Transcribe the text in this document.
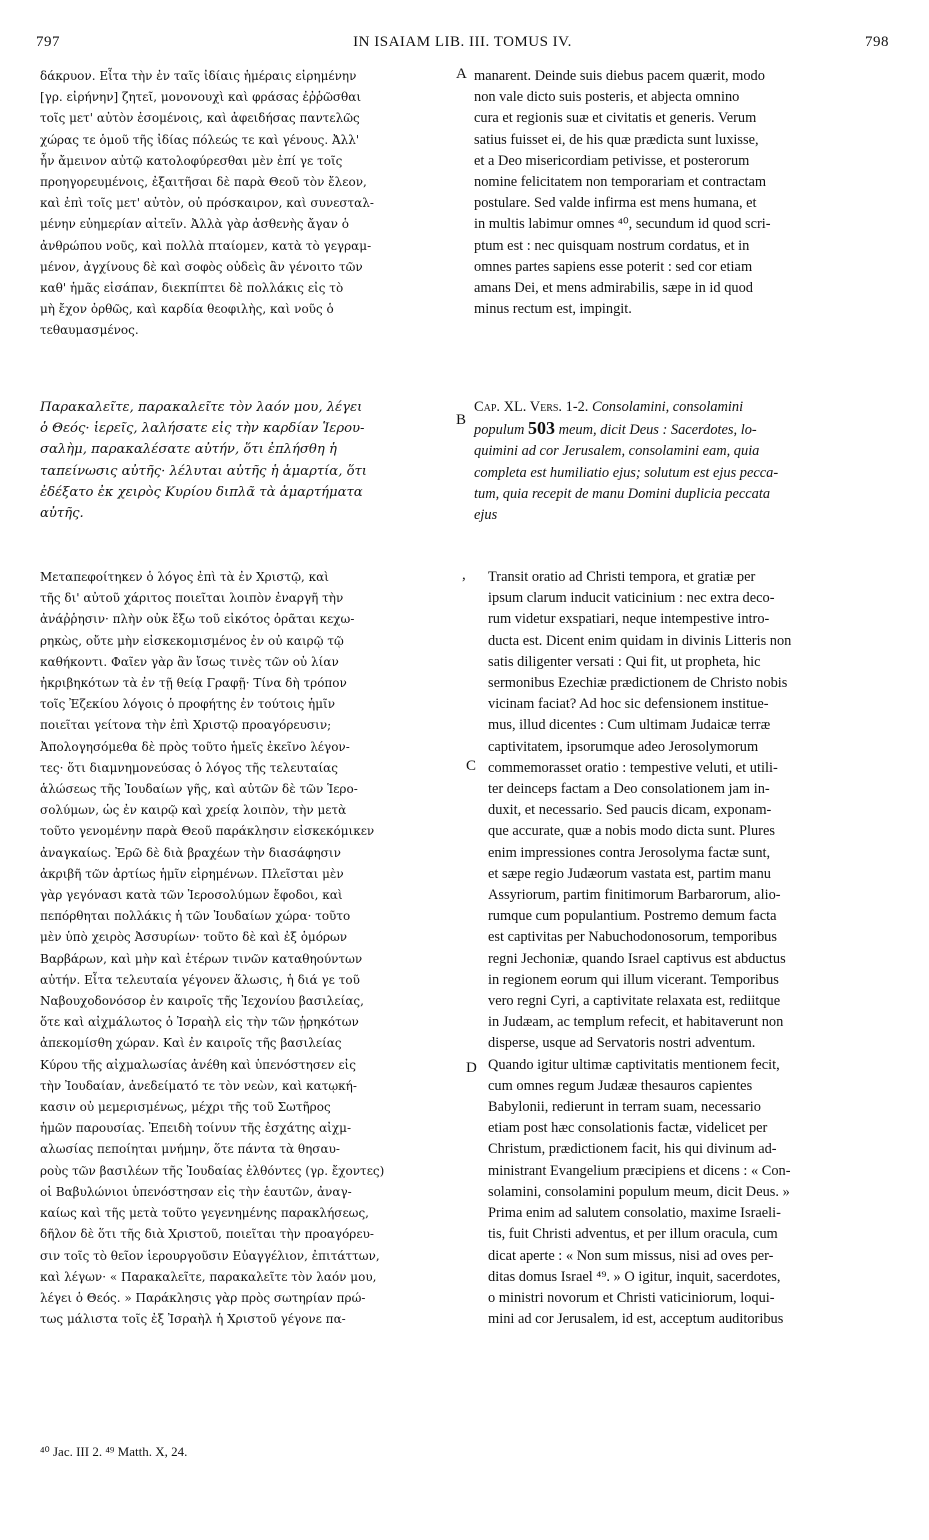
797	IN ISAIAM LIB. III. TOMUS IV.	798
δάκρυον. Εἶτα τὴν ἐν ταῖς ἰδίαις ἡμέραις εἰρημένην
[γρ. εἰρήνην] ζητεῖ, μονονουχὶ καὶ φράσας ἐῤῥῶσθαι
τοῖς μετ' αὐτὸν ἐσομένοις, καὶ ἀφειδήσας παντελῶς
χώρας τε ὁμοῦ τῆς ἰδίας πόλεώς τε καὶ γένους. Ἀλλ'
ἦν ἄμεινον αὐτῷ κατολοφύρεσθαι μὲν ἐπί γε τοῖς
προηγορευμένοις, ἐξαιτῆσαι δὲ παρὰ Θεοῦ τὸν ἔλεον,
καὶ ἐπὶ τοῖς μετ' αὐτὸν, οὐ πρόσκαιρον, καὶ συνεσταλ-
μένην εὐημερίαν αἰτεῖν. Ἀλλὰ γὰρ ἀσθενὴς ἄγαν ὁ
ἀνθρώπου νοῦς, καὶ πολλὰ πταίομεν, κατὰ τὸ γεγραμ-
μένον, ἀγχίνους δὲ καὶ σοφὸς οὐδεὶς ἂν γένοιτο τῶν
καθ' ἡμᾶς εἰσάπαν, διεκπίπτει δὲ πολλάκις εἰς τὸ
μὴ ἔχον ὀρθῶς, καὶ καρδία θεοφιλὴς, καὶ νοῦς ὁ
τεθαυμασμένος.
manarent. Deinde suis diebus pacem quærit, modo
non vale dicto suis posteris, et abjecta omnino
cura et regionis suæ et civitatis et generis. Verum
satius fuisset ei, de his quæ prædicta sunt luxisse,
et a Deo misericordiam petivisse, et posterorum
nomine felicitatem non temporariam et contractam
postulare. Sed valde infirma est mens humana, et
in multis labimur omnes ⁴⁰, secundum id quod scri-
ptum est : nec quisquam nostrum cordatus, et in
omnes partes sapiens esse poterit : sed cor etiam
amans Dei, et mens admirabilis, sæpe in id quod
minus rectum est, impingit.
Παρακαλεῖτε, παρακαλεῖτε τὸν λαόν μου, λέγει
ὁ Θεός· ἱερεῖς, λαλήσατε εἰς τὴν καρδίαν Ἱερου-
σαλὴμ, παρακαλέσατε αὐτήν, ὅτι ἐπλήσθη ἡ
ταπείνωσις αὐτῆς· λέλυται αὐτῆς ἡ ἁμαρτία, ὅτι
ἐδέξατο ἐκ χειρὸς Κυρίου διπλᾶ τὰ ἁμαρτήματα
αὐτῆς.
Cap. XL. Vers. 1-2. Consolamini, consolamini
populum 503 meum, dicit Deus : Sacerdotes, lo-
quimini ad cor Jerusalem, consolamini eam, quia
completa est humiliatio ejus; solutum est ejus pecca-
tum, quia recepit de manu Domini duplicia peccata
ejus
Μεταπεφοίτηκεν ὁ λόγος ἐπὶ τὰ ἐν Χριστῷ, καὶ
τῆς δι' αὐτοῦ χάριτος ποιεῖται λοιπὸν ἐναργῆ τὴν
ἀνάῤῥησιν· πλὴν οὐκ ἔξω τοῦ εἰκότος ὁρᾶται κεχω-
ρηκὼς, οὔτε μὴν εἰσκεκομισμένος ἐν οὐ καιρῷ τῷ
καθήκοντι. Φαῖεν γὰρ ἂν ἴσως τινὲς τῶν οὐ λίαν
ἠκριβηκότων τὰ ἐν τῇ θείᾳ Γραφῇ· Τίνα δὴ τρόπον
τοῖς Ἐζεκίου λόγοις ὁ προφήτης ἐν τούτοις ἡμῖν
ποιεῖται γείτονα τὴν ἐπὶ Χριστῷ προαγόρευσιν;
Ἀπολογησόμεθα δὲ πρὸς τοῦτο ἡμεῖς ἐκεῖνο λέγον-
τες· ὅτι διαμνημονεύσας ὁ λόγος τῆς τελευταίας
ἁλώσεως τῆς Ἰουδαίων γῆς, καὶ αὐτῶν δὲ τῶν Ἱερο-
σολύμων, ὡς ἐν καιρῷ καὶ χρείᾳ λοιπὸν, τὴν μετὰ
τοῦτο γενομένην παρὰ Θεοῦ παράκλησιν εἰσκεκόμικεν
ἀναγκαίως. Ἐρῶ δὲ διὰ βραχέων τὴν διασάφησιν
ἀκριβῆ τῶν ἀρτίως ἡμῖν εἰρημένων. Πλεῖσται μὲν
γὰρ γεγόνασι κατὰ τῶν Ἱεροσολύμων ἔφοδοι, καὶ
πεπόρθηται πολλάκις ἡ τῶν Ἰουδαίων χώρα· τοῦτο
μὲν ὑπὸ χειρὸς Ἀσσυρίων· τοῦτο δὲ καὶ ἐξ ὁμόρων
Βαρβάρων, καὶ μὴν καὶ ἑτέρων τινῶν καταθηούντων
αὐτήν. Εἶτα τελευταία γέγονεν ἅλωσις, ἡ διά γε τοῦ
Ναβουχοδονόσορ ἐν καιροῖς τῆς Ἰεχονίου βασιλείας,
ὅτε καὶ αἰχμάλωτος ὁ Ἰσραὴλ εἰς τὴν τῶν ᾑρηκότων
ἀπεκομίσθη χώραν. Καὶ ἐν καιροῖς τῆς βασιλείας
Κύρου τῆς αἰχμαλωσίας ἀνέθη καὶ ὑπενόστησεν εἰς
τὴν Ἰουδαίαν, ἀνεδείματό τε τὸν νεὼν, καὶ κατῳκή-
κασιν οὐ μεμερισμένως, μέχρι τῆς τοῦ Σωτῆρος
ἡμῶν παρουσίας. Ἐπειδὴ τοίνυν τῆς ἐσχάτης αἰχμ-
αλωσίας πεποίηται μνήμην, ὅτε πάντα τὰ θησαυ-
ροὺς τῶν βασιλέων τῆς Ἰουδαίας ἐλθόντες (γρ. ἔχοντες)
οἱ Βαβυλώνιοι ὑπενόστησαν εἰς τὴν ἑαυτῶν, ἀναγ-
καίως καὶ τῆς μετὰ τοῦτο γεγενημένης παρακλήσεως,
δῆλον δὲ ὅτι τῆς διὰ Χριστοῦ, ποιεῖται τὴν προαγόρευ-
σιν τοῖς τὸ θεῖον ἱερουργοῦσιν Εὐαγγέλιον, ἐπιτάττων,
καὶ λέγων· « Παρακαλεῖτε, παρακαλεῖτε τὸν λαόν μου,
λέγει ὁ Θεός. » Παράκλησις γὰρ πρὸς σωτηρίαν πρώ-
τως μάλιστα τοῖς ἐξ Ἰσραὴλ ἡ Χριστοῦ γέγονε πα-
Transit oratio ad Christi tempora, et gratiæ per
ipsum clarum inducit vaticinium : nec extra deco-
rum videtur exspatiari, neque intempestive intro-
ducta est. Dicent enim quidam in divinis Litteris non
satis diligenter versati : Qui fit, ut propheta, hic
sermonibus Ezechiæ prædictionem de Christo nobis
vicinam faciat? Ad hoc sic defensionem institue-
mus, illud dicentes : Cum ultimam Judaicæ terræ
captivitatem, ipsorumque adeo Jerosolymorum
commemorasset oratio : tempestive veluti, et utili-
ter deinceps factam a Deo consolationem jam in-
duxit, et necessario. Sed paucis dicam, exponam-
que accurate, quæ a nobis modo dicta sunt. Plures
enim impressiones contra Jerosolyma factæ sunt,
et sæpe regio Judæorum vastata est, partim manu
Assyriorum, partim finitimorum Barbarorum, alio-
rumque cum populantium. Postremo demum facta
est captivitas per Nabuchodonosorum, temporibus
regni Jechoniæ, quando Israel captivus est abductus
in regionem eorum qui illum vicerant. Temporibus
vero regni Cyri, a captivitate relaxata est, rediitque
in Judæam, ac templum refecit, et habitaverunt non
disperse, usque ad Servatoris nostri adventum.
Quando igitur ultimæ captivitatis mentionem fecit,
cum omnes regum Judææ thesauros capientes
Babylonii, redierunt in terram suam, necessario
etiam post hæc consolationis factæ, videlicet per
Christum, prædictionem facit, his qui divinum ad-
ministrant Evangelium præcipiens et dicens : « Con-
solamini, consolamini populum meum, dicit Deus. »
Prima enim ad salutem consolatio, maxime Israeli-
tis, fuit Christi adventus, et per illum oracula, cum
dicat aperte : « Non sum missus, nisi ad oves per-
ditas domus Israel ⁴⁹. » O igitur, inquit, sacerdotes,
o ministri novorum et Christi vaticiniorum, loqui-
mini ad cor Jerusalem, id est, acceptum auditoribus
A
B
C
D
,
⁴⁰ Jac. III 2. ⁴⁹ Matth. X, 24.
